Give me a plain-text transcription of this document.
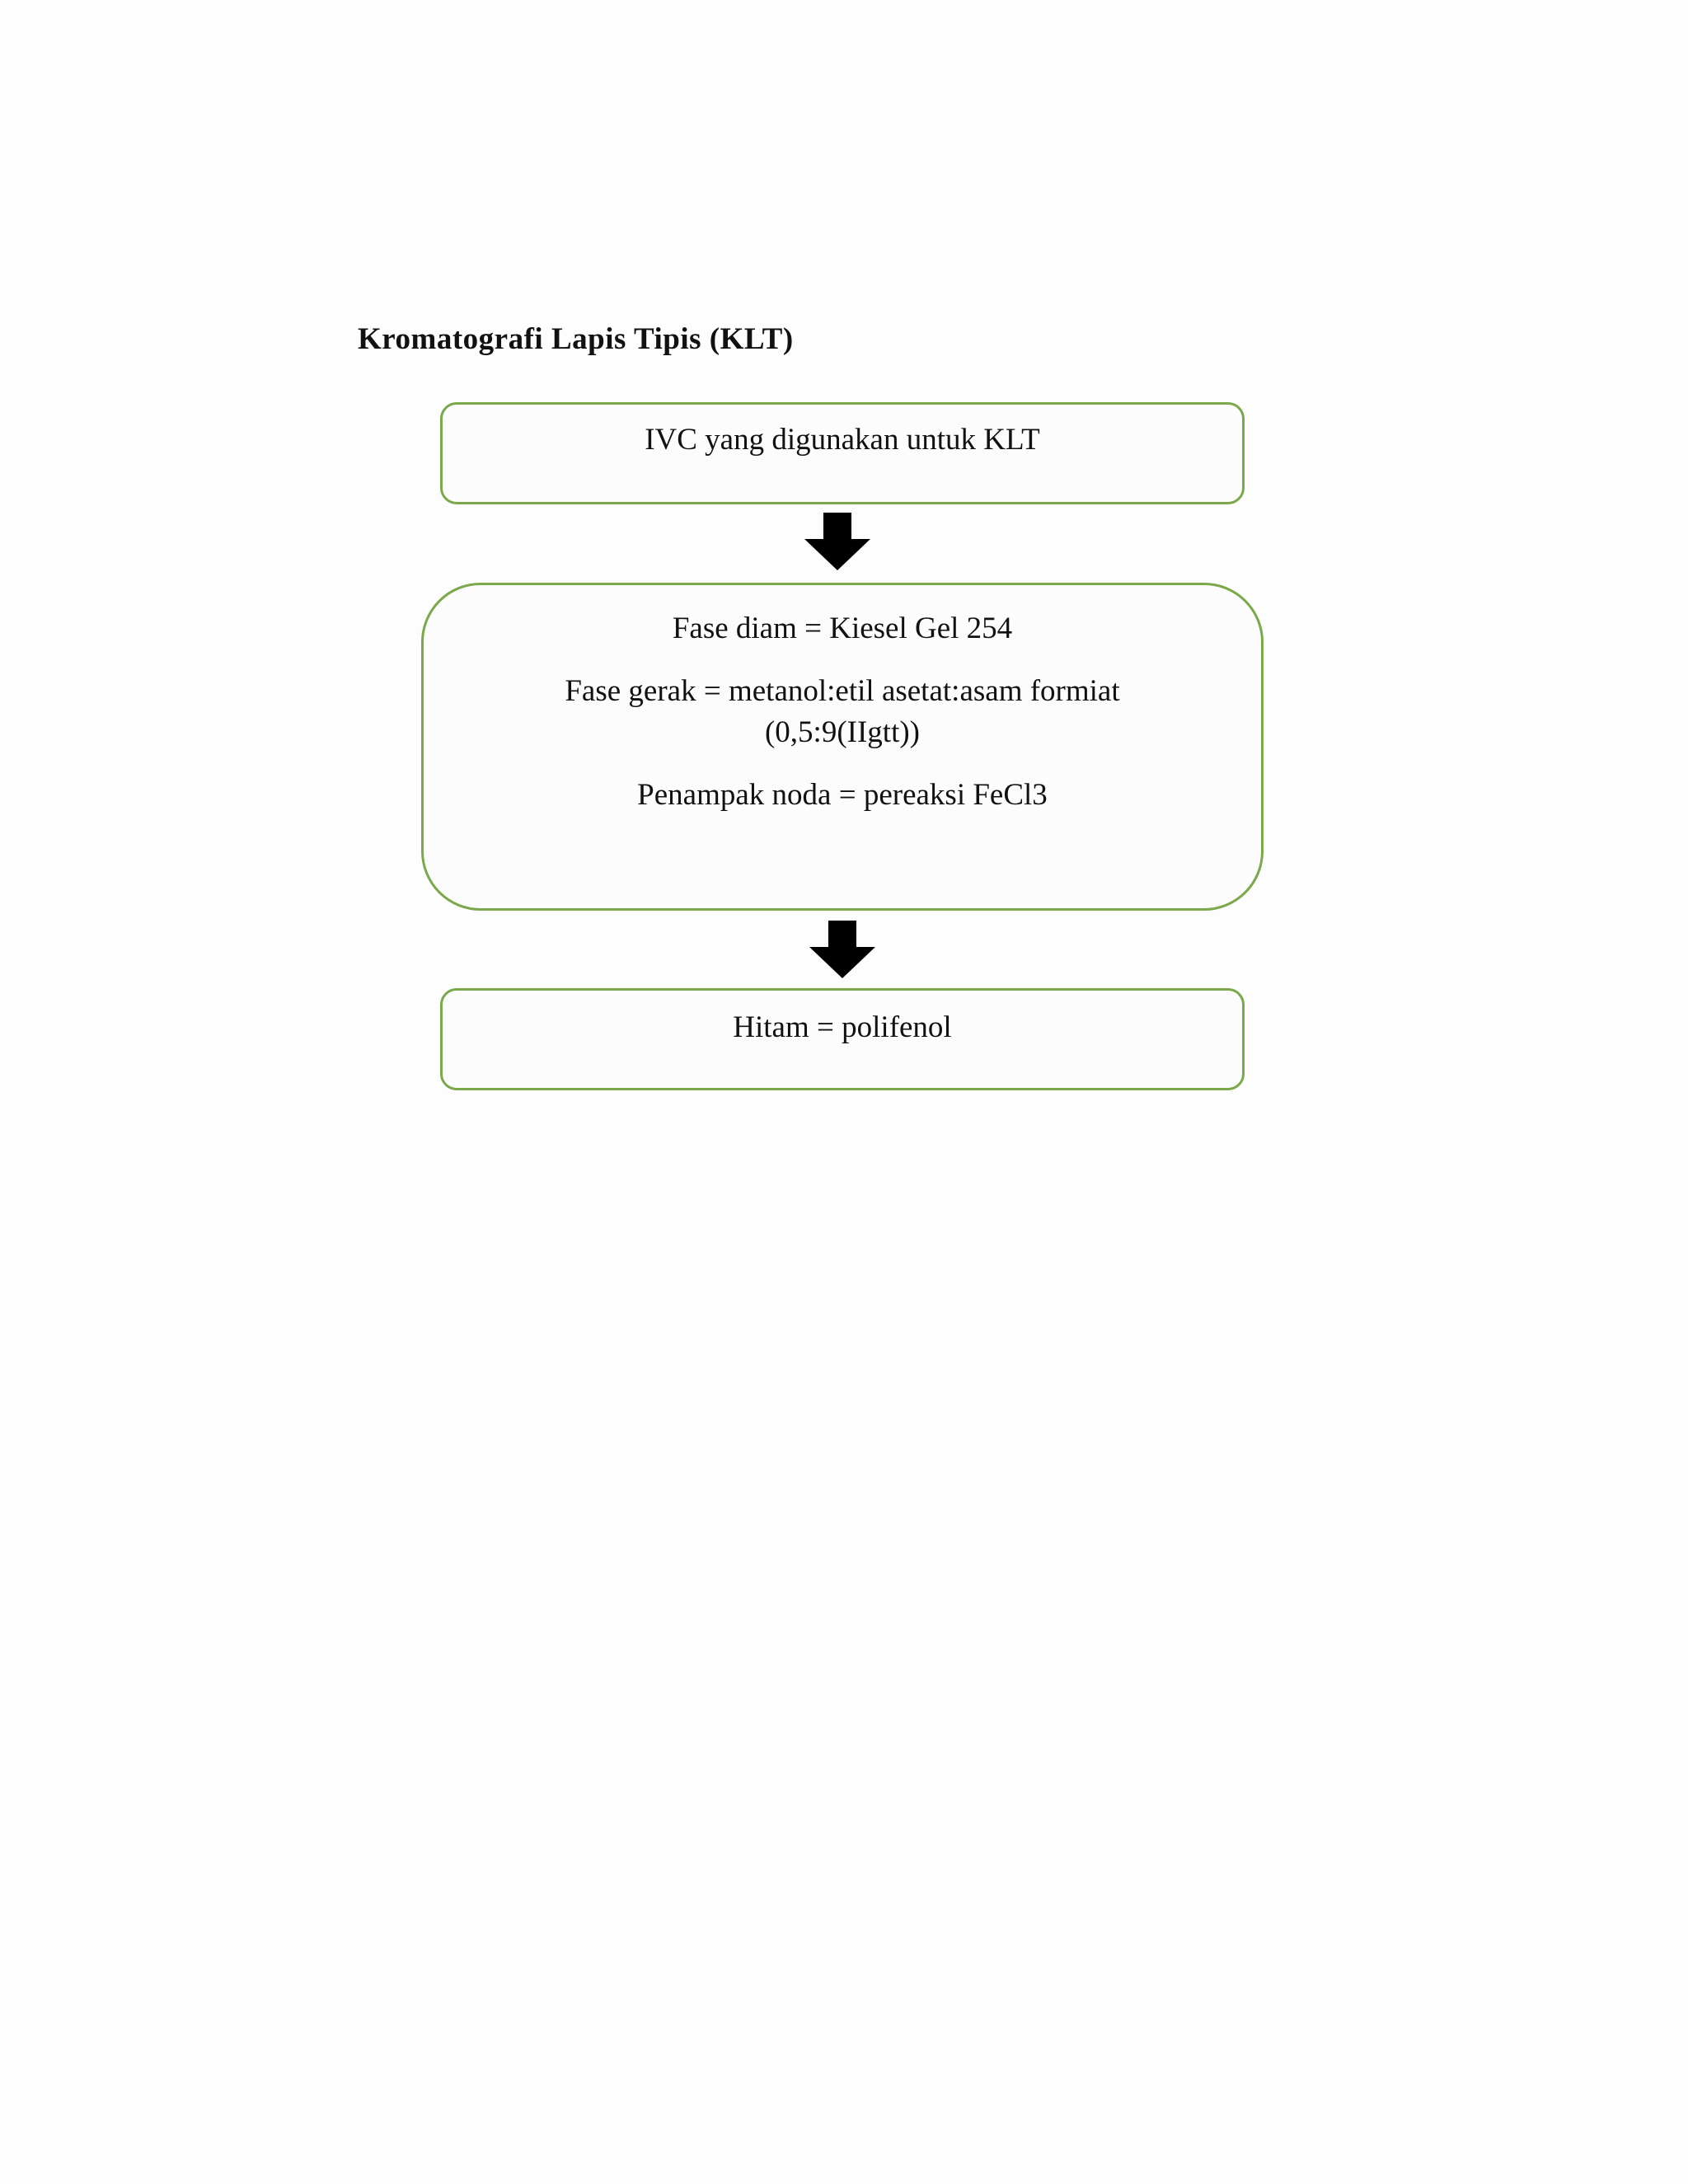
Kromatografi Lapis Tipis (KLT)
IVC yang digunakan untuk KLT
Fase diam = Kiesel Gel 254
Fase gerak = metanol:etil asetat:asam formiat (0,5:9(IIgtt))
Penampak noda = pereaksi FeCl3
Hitam = polifenol
